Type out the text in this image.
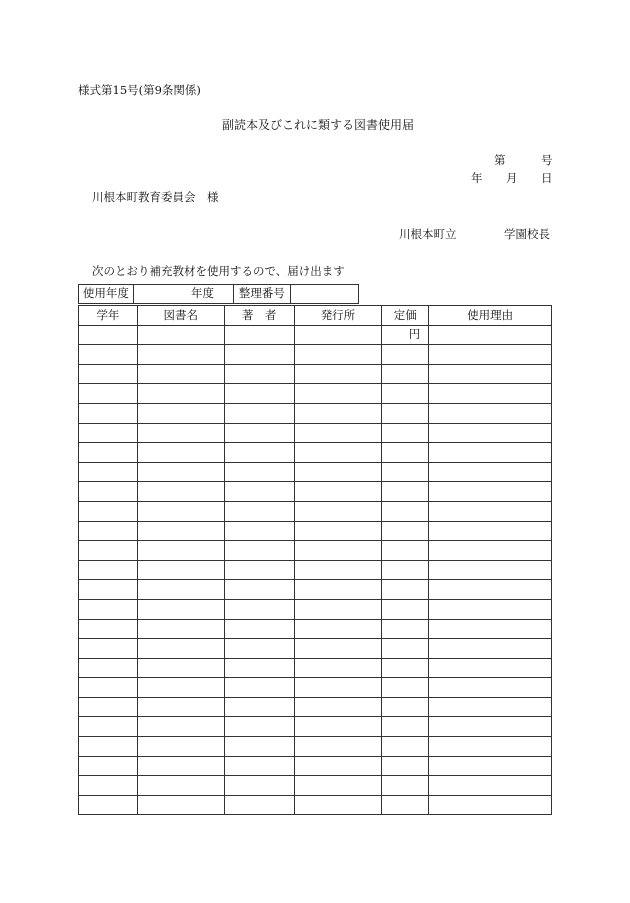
様式第15号(第9条関係)
副読本及びこれに類する図書使用届
第	号
年 月 日
川根本町教育委員会　様
川根本町立	学園校長
次のとおり補充教材を使用するので、届け出ます
使用年度	年度	整理番号	
学年	図書名	著　者	発行所	定価	使用理由
				円	
